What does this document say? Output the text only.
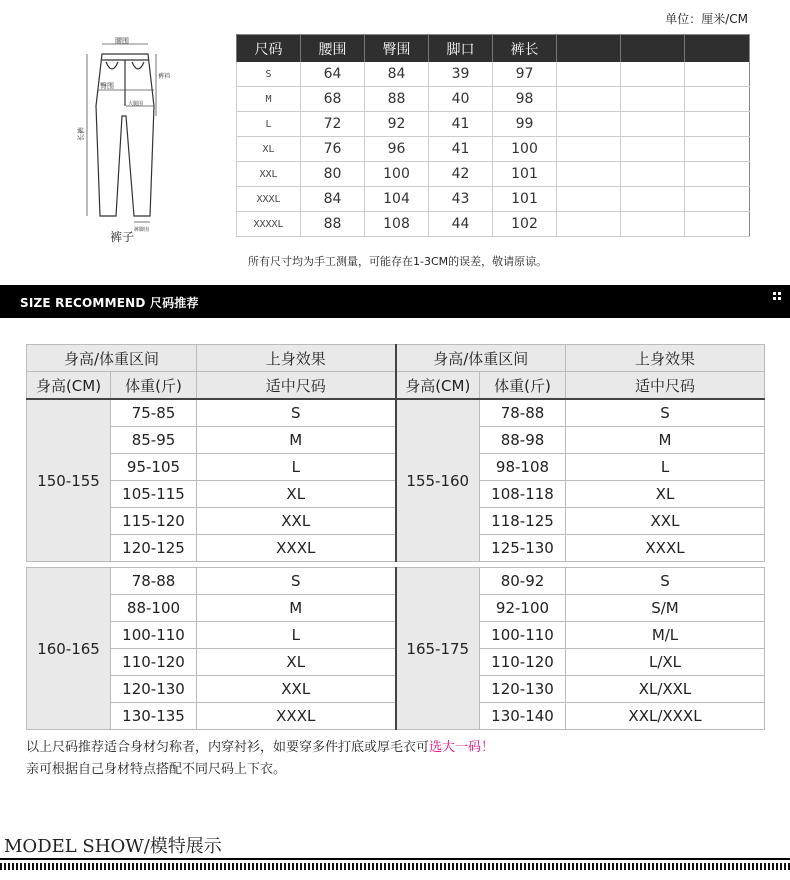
单位：厘米/CM
腰围
臀围
裤裆
大腿围
长裤
裤脚围
裤子
尺码	腰围	臀围	脚口	裤长			
S	64	84	39	97			
M	68	88	40	98			
L	72	92	41	99			
XL	76	96	41	100			
XXL	80	100	42	101			
XXXL	84	104	43	101			
XXXXL	88	108	44	102			
所有尺寸均为手工测量，可能存在1-3CM的误差，敬请原谅。
SIZE RECOMMEND 尺码推荐
身高/体重区间		上身效果	身高/体重区间		上身效果
身高(CM)	体重(斤)	适中尺码	身高(CM)	体重(斤)	适中尺码
150-155	75-85	S	155-160	78-88	S
	85-95	M		88-98	M
	95-105	L		98-108	L
	105-115	XL		108-118	XL
	115-120	XXL		118-125	XXL
	120-125	XXXL		125-130	XXXL
160-165	78-88	S	165-175	80-92	S
	88-100	M		92-100	S/M
	100-110	L		100-110	M/L
	110-120	XL		110-120	L/XL
	120-130	XXL		120-130	XL/XXL
	130-135	XXXL		130-140	XXL/XXXL
以上尺码推荐适合身材匀称者，内穿衬衫，如要穿多件打底或厚毛衣可选大一码！
亲可根据自己身材特点搭配不同尺码上下衣。
MODEL SHOW/模特展示
